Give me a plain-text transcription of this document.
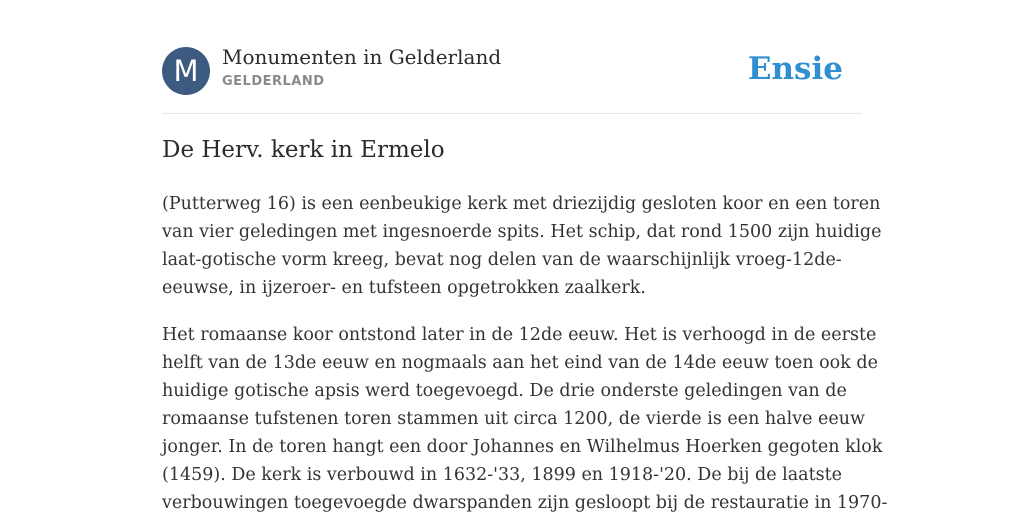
M	Monumenten in Gelderland
GELDERLAND	Ensie
De Herv. kerk in Ermelo

(Putterweg 16) is een eenbeukige kerk met driezijdig gesloten koor en een toren
van vier geledingen met ingesnoerde spits. Het schip, dat rond 1500 zijn huidige
laat-gotische vorm kreeg, bevat nog delen van de waarschijnlijk vroeg-12de-
eeuwse, in ijzeroer- en tufsteen opgetrokken zaalkerk.

Het romaanse koor ontstond later in de 12de eeuw. Het is verhoogd in de eerste
helft van de 13de eeuw en nogmaals aan het eind van de 14de eeuw toen ook de
huidige gotische apsis werd toegevoegd. De drie onderste geledingen van de
romaanse tufstenen toren stammen uit circa 1200, de vierde is een halve eeuw
jonger. In de toren hangt een door Johannes en Wilhelmus Hoerken gegoten klok
(1459). De kerk is verbouwd in 1632-'33, 1899 en 1918-'20. De bij de laatste
verbouwingen toegevoegde dwarspanden zijn gesloopt bij de restauratie in 1970-
